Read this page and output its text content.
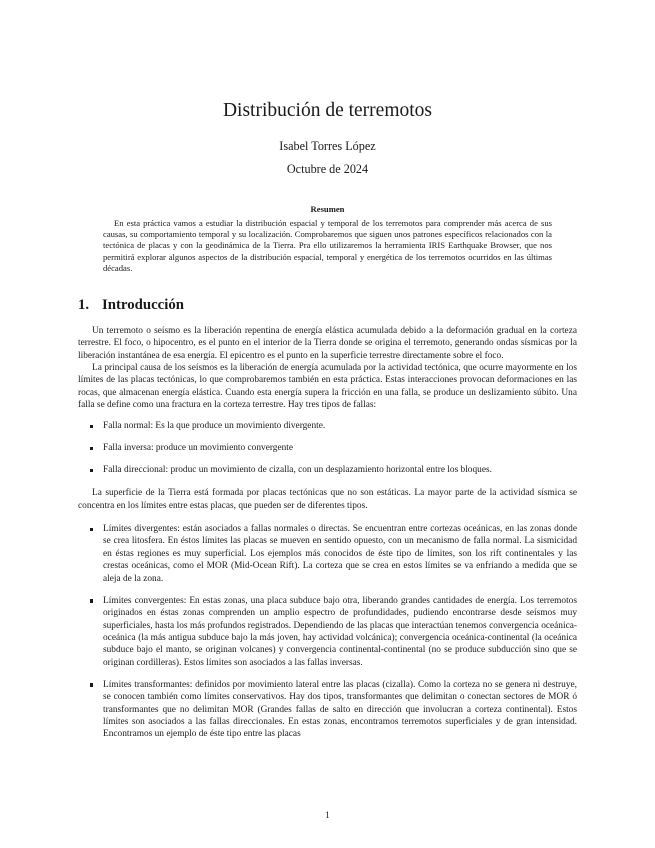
Distribución de terremotos
Isabel Torres López
Octubre de 2024
Resumen
En esta práctica vamos a estudiar la distribución espacial y temporal de los terremotos para comprender más acerca de sus causas, su comportamiento temporal y su localización. Comprobaremos que siguen unos patrones específicos relacionados con la tectónica de placas y con la geodinámica de la Tierra. Pra ello utilizaremos la herramienta IRIS Earthquake Browser, que nos permitirá explorar algunos aspectos de la distribución espacial, temporal y energética de los terremotos ocurridos en las últimas décadas.
1. Introducción

Un terremoto o seísmo es la liberación repentina de energía elástica acumulada debido a la deformación gradual en la corteza terrestre. El foco, o hipocentro, es el punto en el interior de la Tierra donde se origina el terremoto, generando ondas sísmicas por la liberación instantánea de esa energía. El epicentro es el punto en la superficie terrestre directamente sobre el foco.

La principal causa de los seísmos es la liberación de energía acumulada por la actividad tectónica, que ocurre mayormente en los límites de las placas tectónicas, lo que comprobaremos también en esta práctica. Estas interacciones provocan deformaciones en las rocas, que almacenan energía elástica. Cuando esta energía supera la fricción en una falla, se produce un deslizamiento súbito. Una falla se define como una fractura en la corteza terrestre. Hay tres tipos de fallas:

Falla normal: Es la que produce un movimiento divergente.
Falla inversa: produce un movimiento convergente
Falla direccional: produc un movimiento de cizalla, con un desplazamiento horizontal entre los bloques.

La superficie de la Tierra está formada por placas tectónicas que no son estáticas. La mayor parte de la actividad sísmica se concentra en los límites entre estas placas, que pueden ser de diferentes tipos.

Límites divergentes: están asociados a fallas normales o directas. Se encuentran entre cortezas oceánicas, en las zonas donde se crea litosfera. En éstos límites las placas se mueven en sentido opuesto, con un mecanismo de falla normal. La sismicidad en éstas regiones es muy superficial. Los ejemplos más conocidos de éste tipo de límites, son los rift continentales y las crestas oceánicas, como el MOR (Mid-Ocean Rift). La corteza que se crea en estos límites se va enfriando a medida que se aleja de la zona.
Límites convergentes: En estas zonas, una placa subduce bajo otra, liberando grandes cantidades de energía. Los terremotos originados en éstas zonas comprenden un amplio espectro de profundidades, pudiendo encontrarse desde seísmos muy superficiales, hasta los más profundos registrados. Dependiendo de las placas que interactúan tenemos convergencia oceánica-oceánica (la más antigua subduce bajo la más joven, hay actividad volcánica); convergencia oceánica-continental (la oceánica subduce bajo el manto, se originan volcanes) y convergencia continental-continental (no se produce subducción sino que se originan cordilleras). Estos límites son asociados a las fallas inversas.
Límites transformantes: definidos por movimiento lateral entre las placas (cizalla). Como la corteza no se genera ni destruye, se conocen también como límites conservativos. Hay dos tipos, transformantes que delimitan o conectan sectores de MOR ó transformantes que no delimitan MOR (Grandes fallas de salto en dirección que involucran a corteza continental). Estos límites son asociados a las fallas direccionales. En estas zonas, encontramos terremotos superficiales y de gran intensidad. Encontramos un ejemplo de éste tipo entre las placas
1
